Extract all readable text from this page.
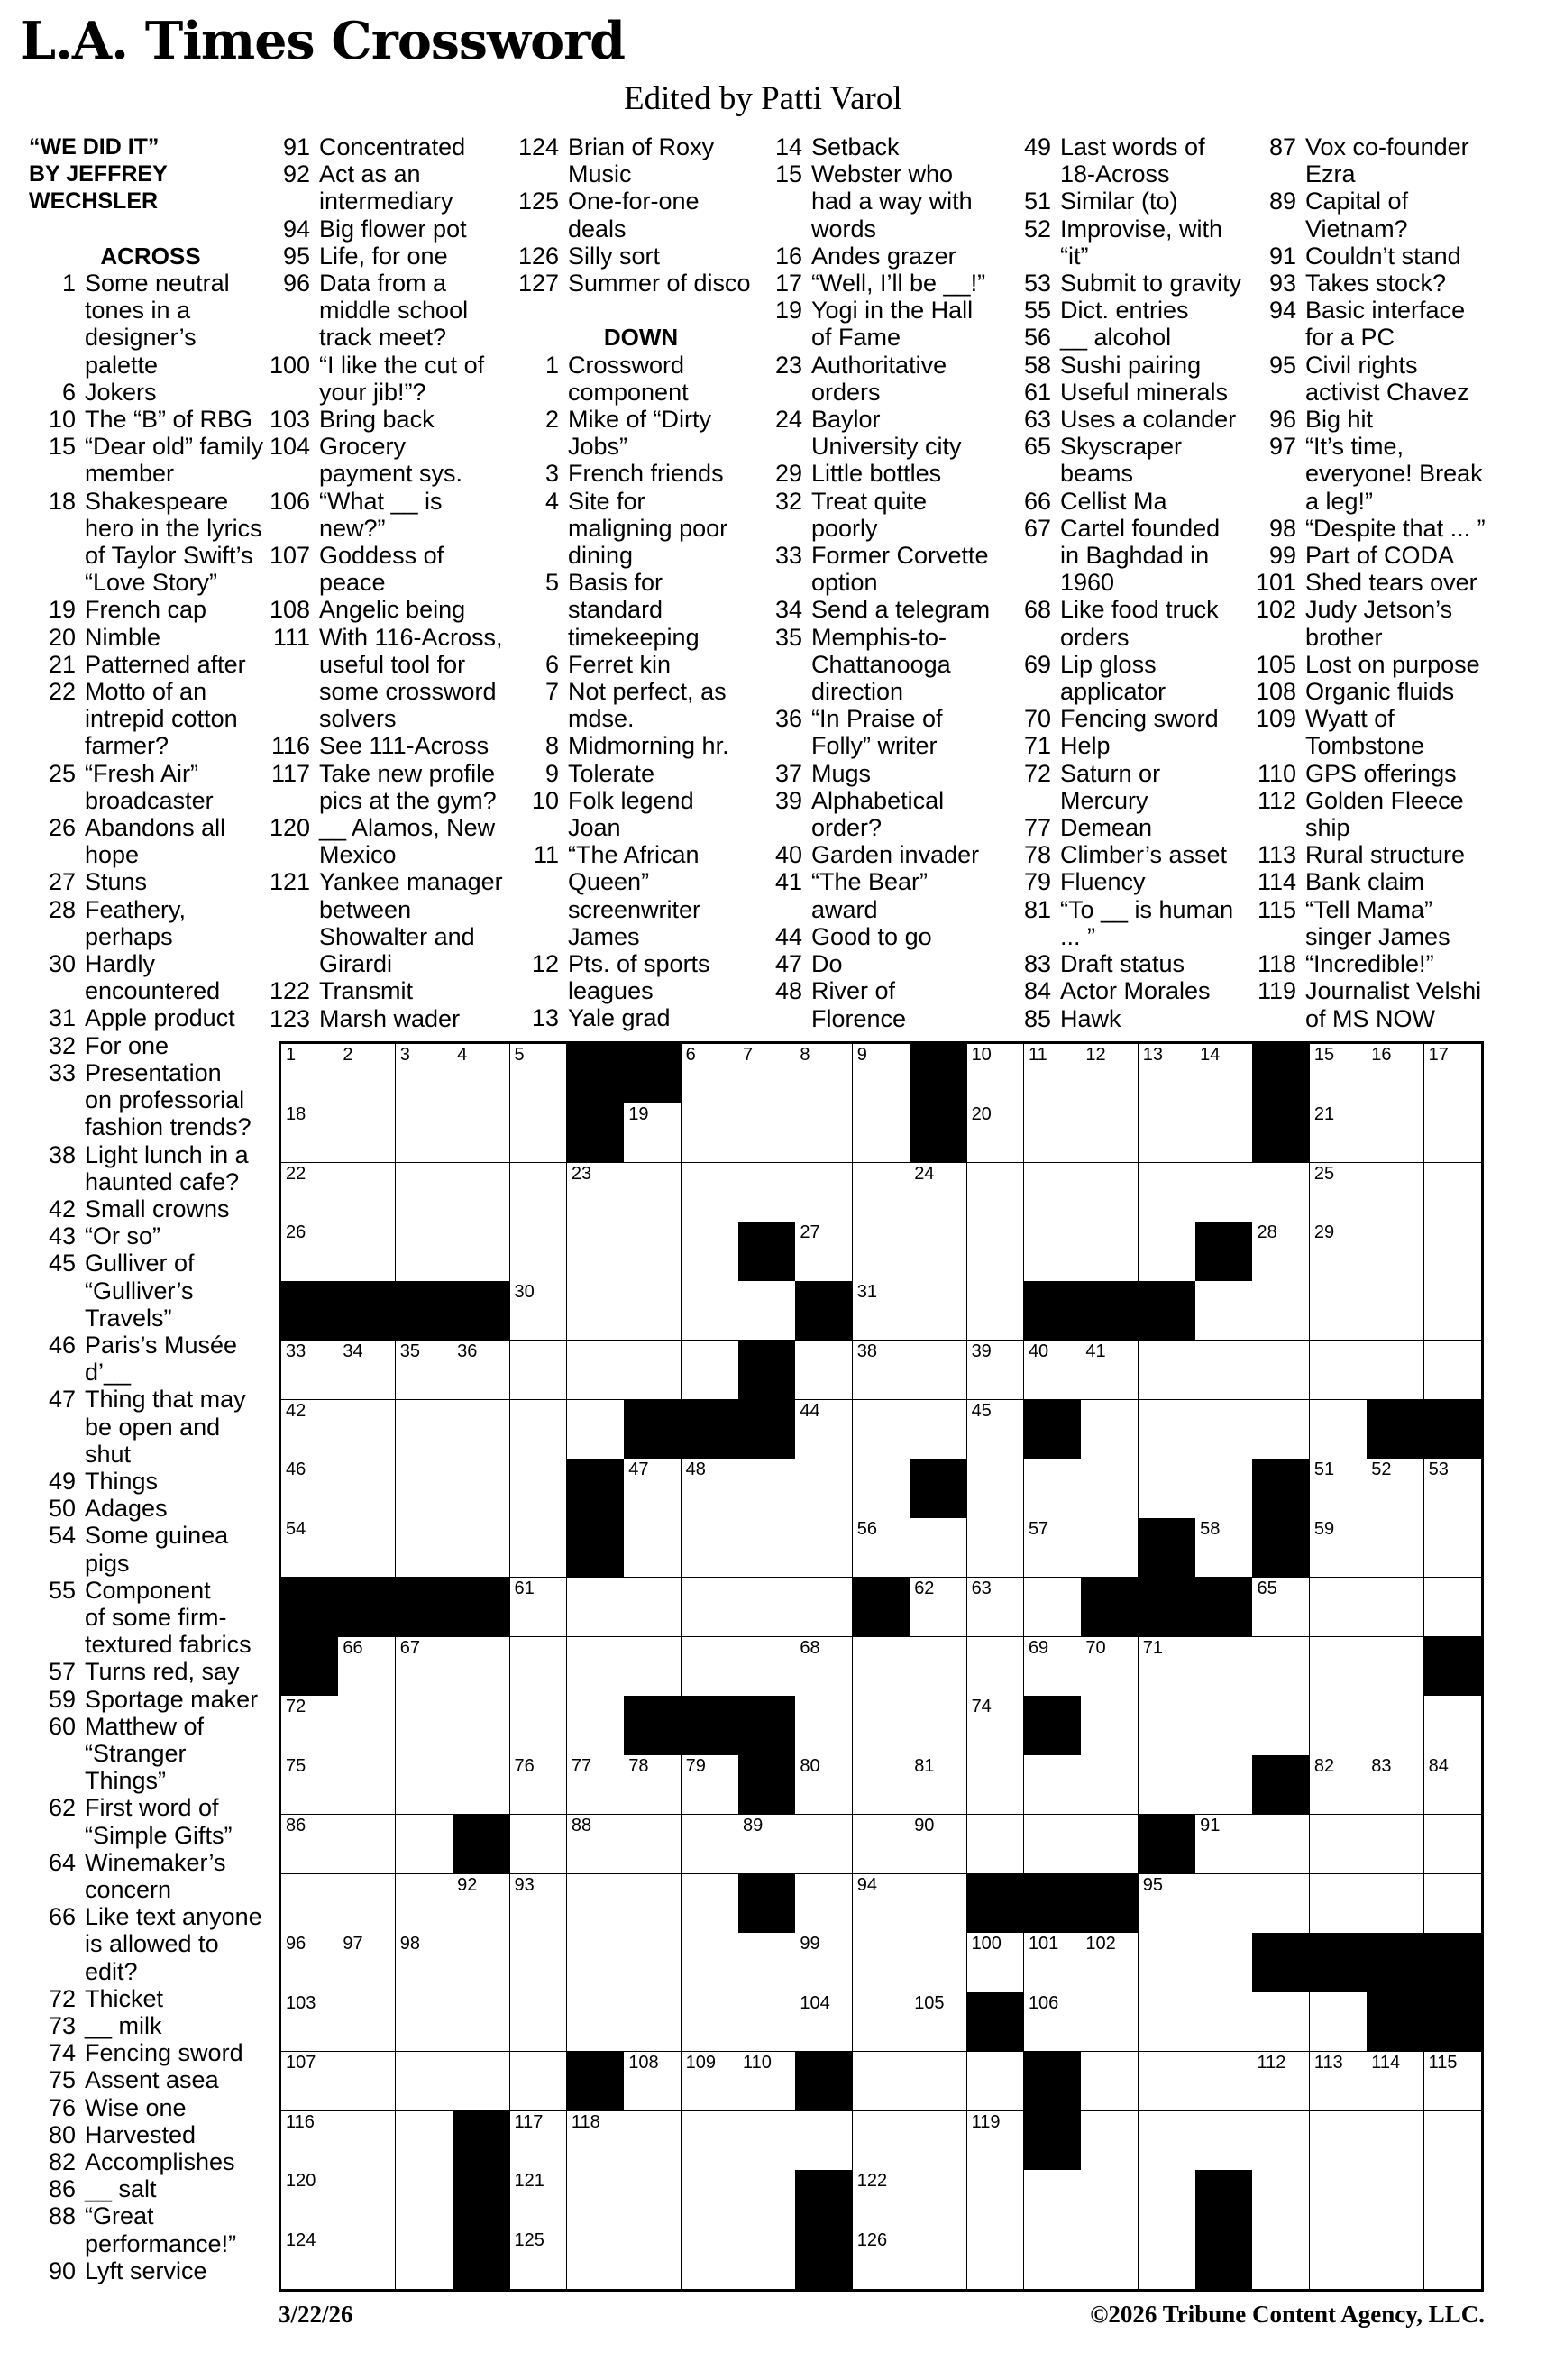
L.A. Times Crossword
Edited by Patti Varol
“WE DID IT”
BY JEFFREY
WECHSLER
ACROSS
1 Some neutral
tones in a
designer’s
palette
6 Jokers
10 The “B” of RBG
15 “Dear old” family
member
18 Shakespeare
hero in the lyrics
of Taylor Swift’s
“Love Story”
19 French cap
20 Nimble
21 Patterned after
22 Motto of an
intrepid cotton
farmer?
25 “Fresh Air”
broadcaster
26 Abandons all
hope
27 Stuns
28 Feathery,
perhaps
30 Hardly
encountered
31 Apple product
32 For one
33 Presentation
on professorial
fashion trends?
38 Light lunch in a
haunted cafe?
42 Small crowns
43 “Or so”
45 Gulliver of
“Gulliver’s
Travels”
46 Paris’s Musée
d’__
47 Thing that may
be open and
shut
49 Things
50 Adages
54 Some guinea
pigs
55 Component
of some firm-
textured fabrics
57 Turns red, say
59 Sportage maker
60 Matthew of
“Stranger
Things”
62 First word of
“Simple Gifts”
64 Winemaker’s
concern
66 Like text anyone
is allowed to
edit?
72 Thicket
73 __ milk
74 Fencing sword
75 Assent asea
76 Wise one
80 Harvested
82 Accomplishes
86 __ salt
88 “Great
performance!”
90 Lyft service
91 Concentrated
92 Act as an
intermediary
94 Big flower pot
95 Life, for one
96 Data from a
middle school
track meet?
100 “I like the cut of
your jib!”?
103 Bring back
104 Grocery
payment sys.
106 “What __ is
new?”
107 Goddess of
peace
108 Angelic being
111 With 116-Across,
useful tool for
some crossword
solvers
116 See 111-Across
117 Take new profile
pics at the gym?
120 __ Alamos, New
Mexico
121 Yankee manager
between
Showalter and
Girardi
122 Transmit
123 Marsh wader
124 Brian of Roxy
Music
125 One-for-one
deals
126 Silly sort
127 Summer of disco
DOWN
1 Crossword
component
2 Mike of “Dirty
Jobs”
3 French friends
4 Site for
maligning poor
dining
5 Basis for
standard
timekeeping
6 Ferret kin
7 Not perfect, as
mdse.
8 Midmorning hr.
9 Tolerate
10 Folk legend
Joan
11 “The African
Queen”
screenwriter
James
12 Pts. of sports
leagues
13 Yale grad
14 Setback
15 Webster who
had a way with
words
16 Andes grazer
17 “Well, I’ll be __!”
19 Yogi in the Hall
of Fame
23 Authoritative
orders
24 Baylor
University city
29 Little bottles
32 Treat quite
poorly
33 Former Corvette
option
34 Send a telegram
35 Memphis-to-
Chattanooga
direction
36 “In Praise of
Folly” writer
37 Mugs
39 Alphabetical
order?
40 Garden invader
41 “The Bear”
award
44 Good to go
47 Do
48 River of
Florence
49 Last words of
18-Across
51 Similar (to)
52 Improvise, with
“it”
53 Submit to gravity
55 Dict. entries
56 __ alcohol
58 Sushi pairing
61 Useful minerals
63 Uses a colander
65 Skyscraper
beams
66 Cellist Ma
67 Cartel founded
in Baghdad in
1960
68 Like food truck
orders
69 Lip gloss
applicator
70 Fencing sword
71 Help
72 Saturn or
Mercury
77 Demean
78 Climber’s asset
79 Fluency
81 “To __ is human
... ”
83 Draft status
84 Actor Morales
85 Hawk
87 Vox co-founder
Ezra
89 Capital of
Vietnam?
91 Couldn’t stand
93 Takes stock?
94 Basic interface
for a PC
95 Civil rights
activist Chavez
96 Big hit
97 “It’s time,
everyone! Break
a leg!”
98 “Despite that ... ”
99 Part of CODA
101 Shed tears over
102 Judy Jetson’s
brother
105 Lost on purpose
108 Organic fluids
109 Wyatt of
Tombstone
110 GPS offerings
112 Golden Fleece
ship
113 Rural structure
114 Bank claim
115 “Tell Mama”
singer James
118 “Incredible!”
119 Journalist Velshi
of MS NOW
1	2	3	4	5	6	7	8	9	10 11 12 13 14	15 16 17
18	19	20	21
22	23	24	25
26	27	28 29
30	31
33 34 35 36	38	39 40 41
42	44	45
46	47 48	51 52 53
54	56	57	58	59
61	62 63	65
66 67	68	69 70 71
72	74
75	76 77 78 79	80	81	82 83 84
86	88	89	90	91
92 93	94	95
96 97 98	99	100 101 102
103	104	105	106
107	108 109 110	112 113 114 115
116	117 118	119
120	121	122
124	125	126
3/22/26	©2026 Tribune Content Agency, LLC.
